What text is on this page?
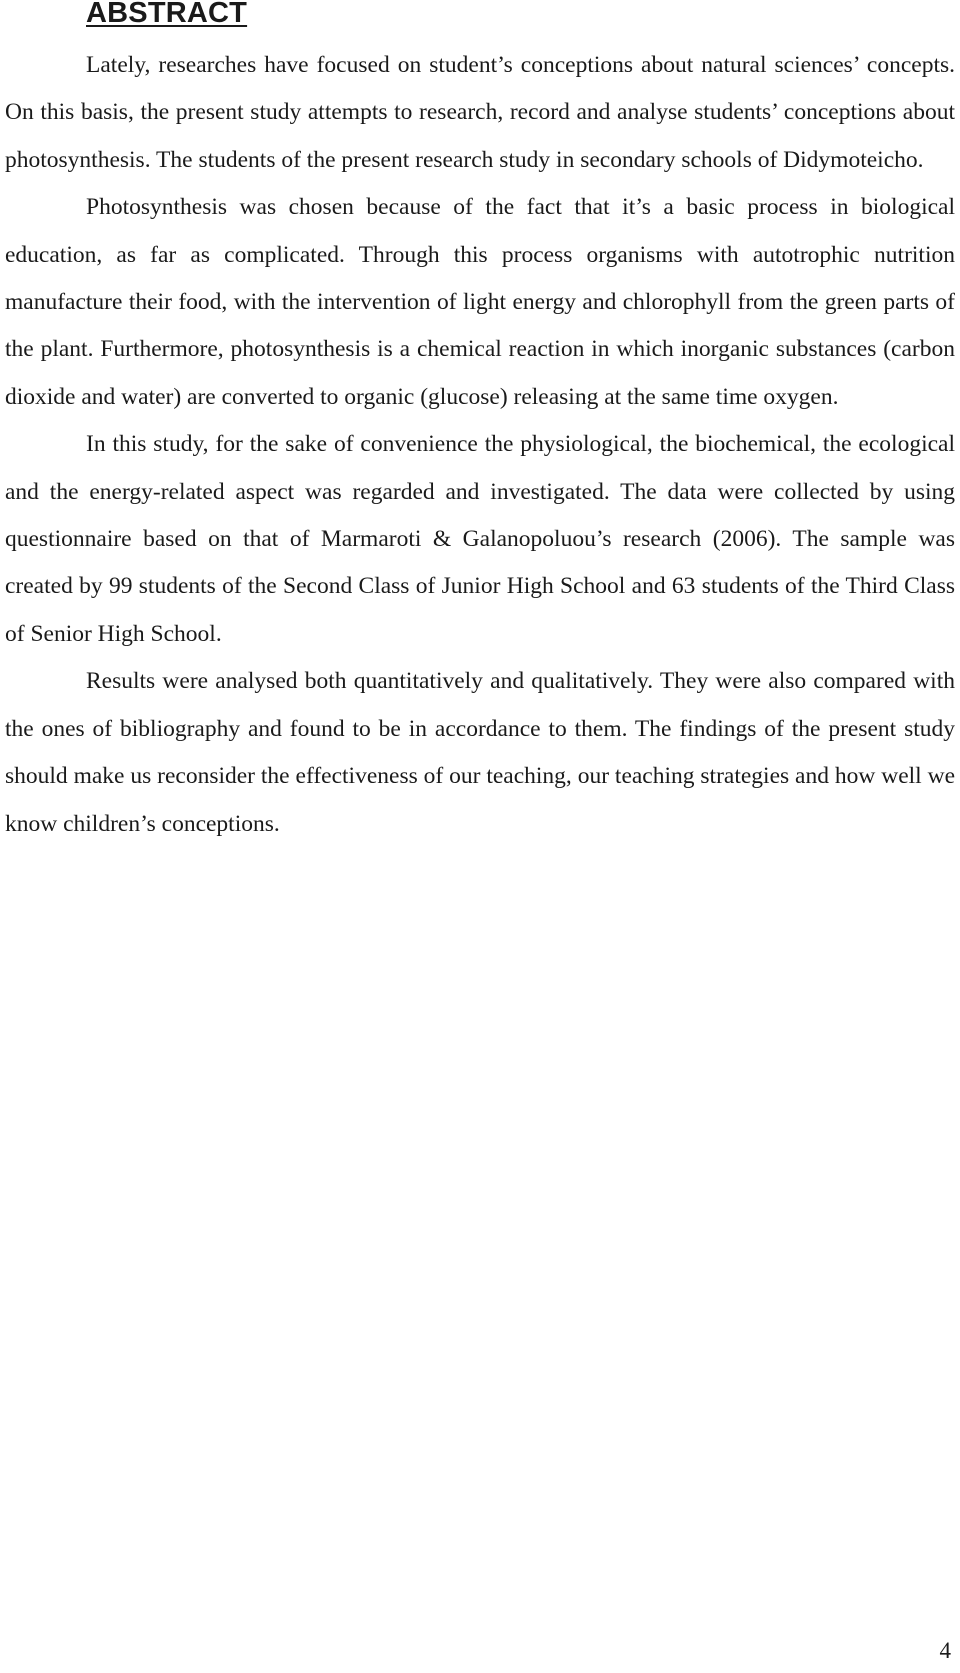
ABSTRACT

Lately, researches have focused on student’s conceptions about natural sciences’ concepts. On this basis, the present study attempts to research, record and analyse students’ conceptions about photosynthesis. The students of the present research study in secondary schools of Didymoteicho.

Photosynthesis was chosen because of the fact that it’s a basic process in biological education, as far as complicated. Through this process organisms with autotrophic nutrition manufacture their food, with the intervention of light energy and chlorophyll from the green parts of the plant. Furthermore, photosynthesis is a chemical reaction in which inorganic substances (carbon dioxide and water) are converted to organic (glucose) releasing at the same time oxygen.

In this study, for the sake of convenience the physiological, the biochemical, the ecological and the energy-related aspect was regarded and investigated. The data were collected by using questionnaire based on that of Marmaroti & Galanopoluou’s research (2006). The sample was created by 99 students of the Second Class of Junior High School and 63 students of the Third Class of Senior High School.

Results were analysed both quantitatively and qualitatively. They were also compared with the ones of bibliography and found to be in accordance to them. The findings of the present study should make us reconsider the effectiveness of our teaching, our teaching strategies and how well we know children’s conceptions.

4
